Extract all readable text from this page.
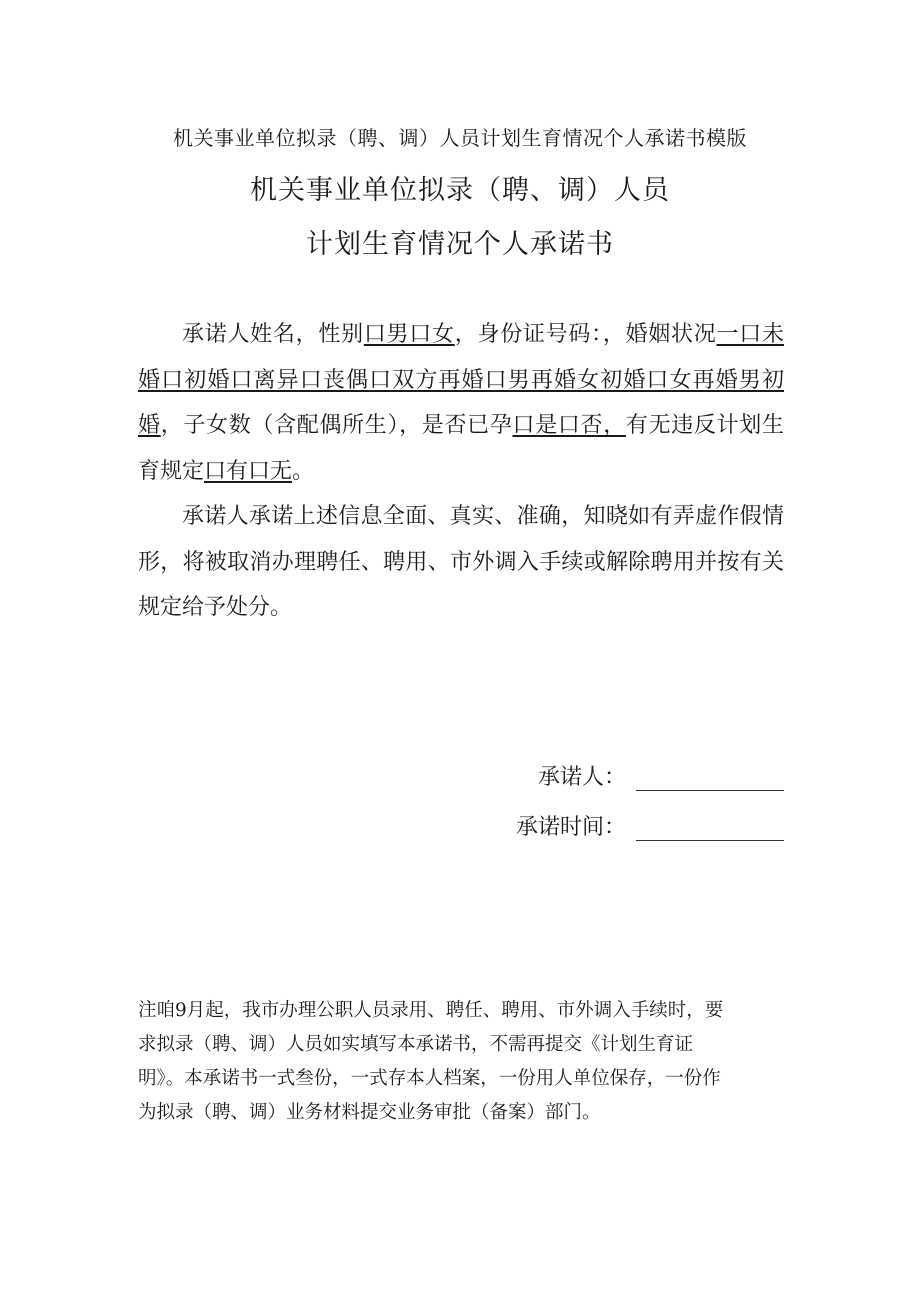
机关事业单位拟录（聘、调）人员计划生育情况个人承诺书模版
机关事业单位拟录（聘、调）人员
计划生育情况个人承诺书

承诺人姓名，性别口男口女，身份证号码：，婚姻状况一口未婚口初婚口离异口丧偶口双方再婚口男再婚女初婚口女再婚男初婚，子女数（含配偶所生），是否已孕口是口否，有无违反计划生育规定口有口无。

承诺人承诺上述信息全面、真实、准确，知晓如有弄虚作假情形，将被取消办理聘任、聘用、市外调入手续或解除聘用并按有关规定给予处分。

承诺人：
承诺时间：

注咱9月起，我市办理公职人员录用、聘任、聘用、市外调入手续时，要

求拟录（聘、调）人员如实填写本承诺书，不需再提交《计划生育证

明》。本承诺书一式叁份，一式存本人档案，一份用人单位保存，一份作

为拟录（聘、调）业务材料提交业务审批（备案）部门。
